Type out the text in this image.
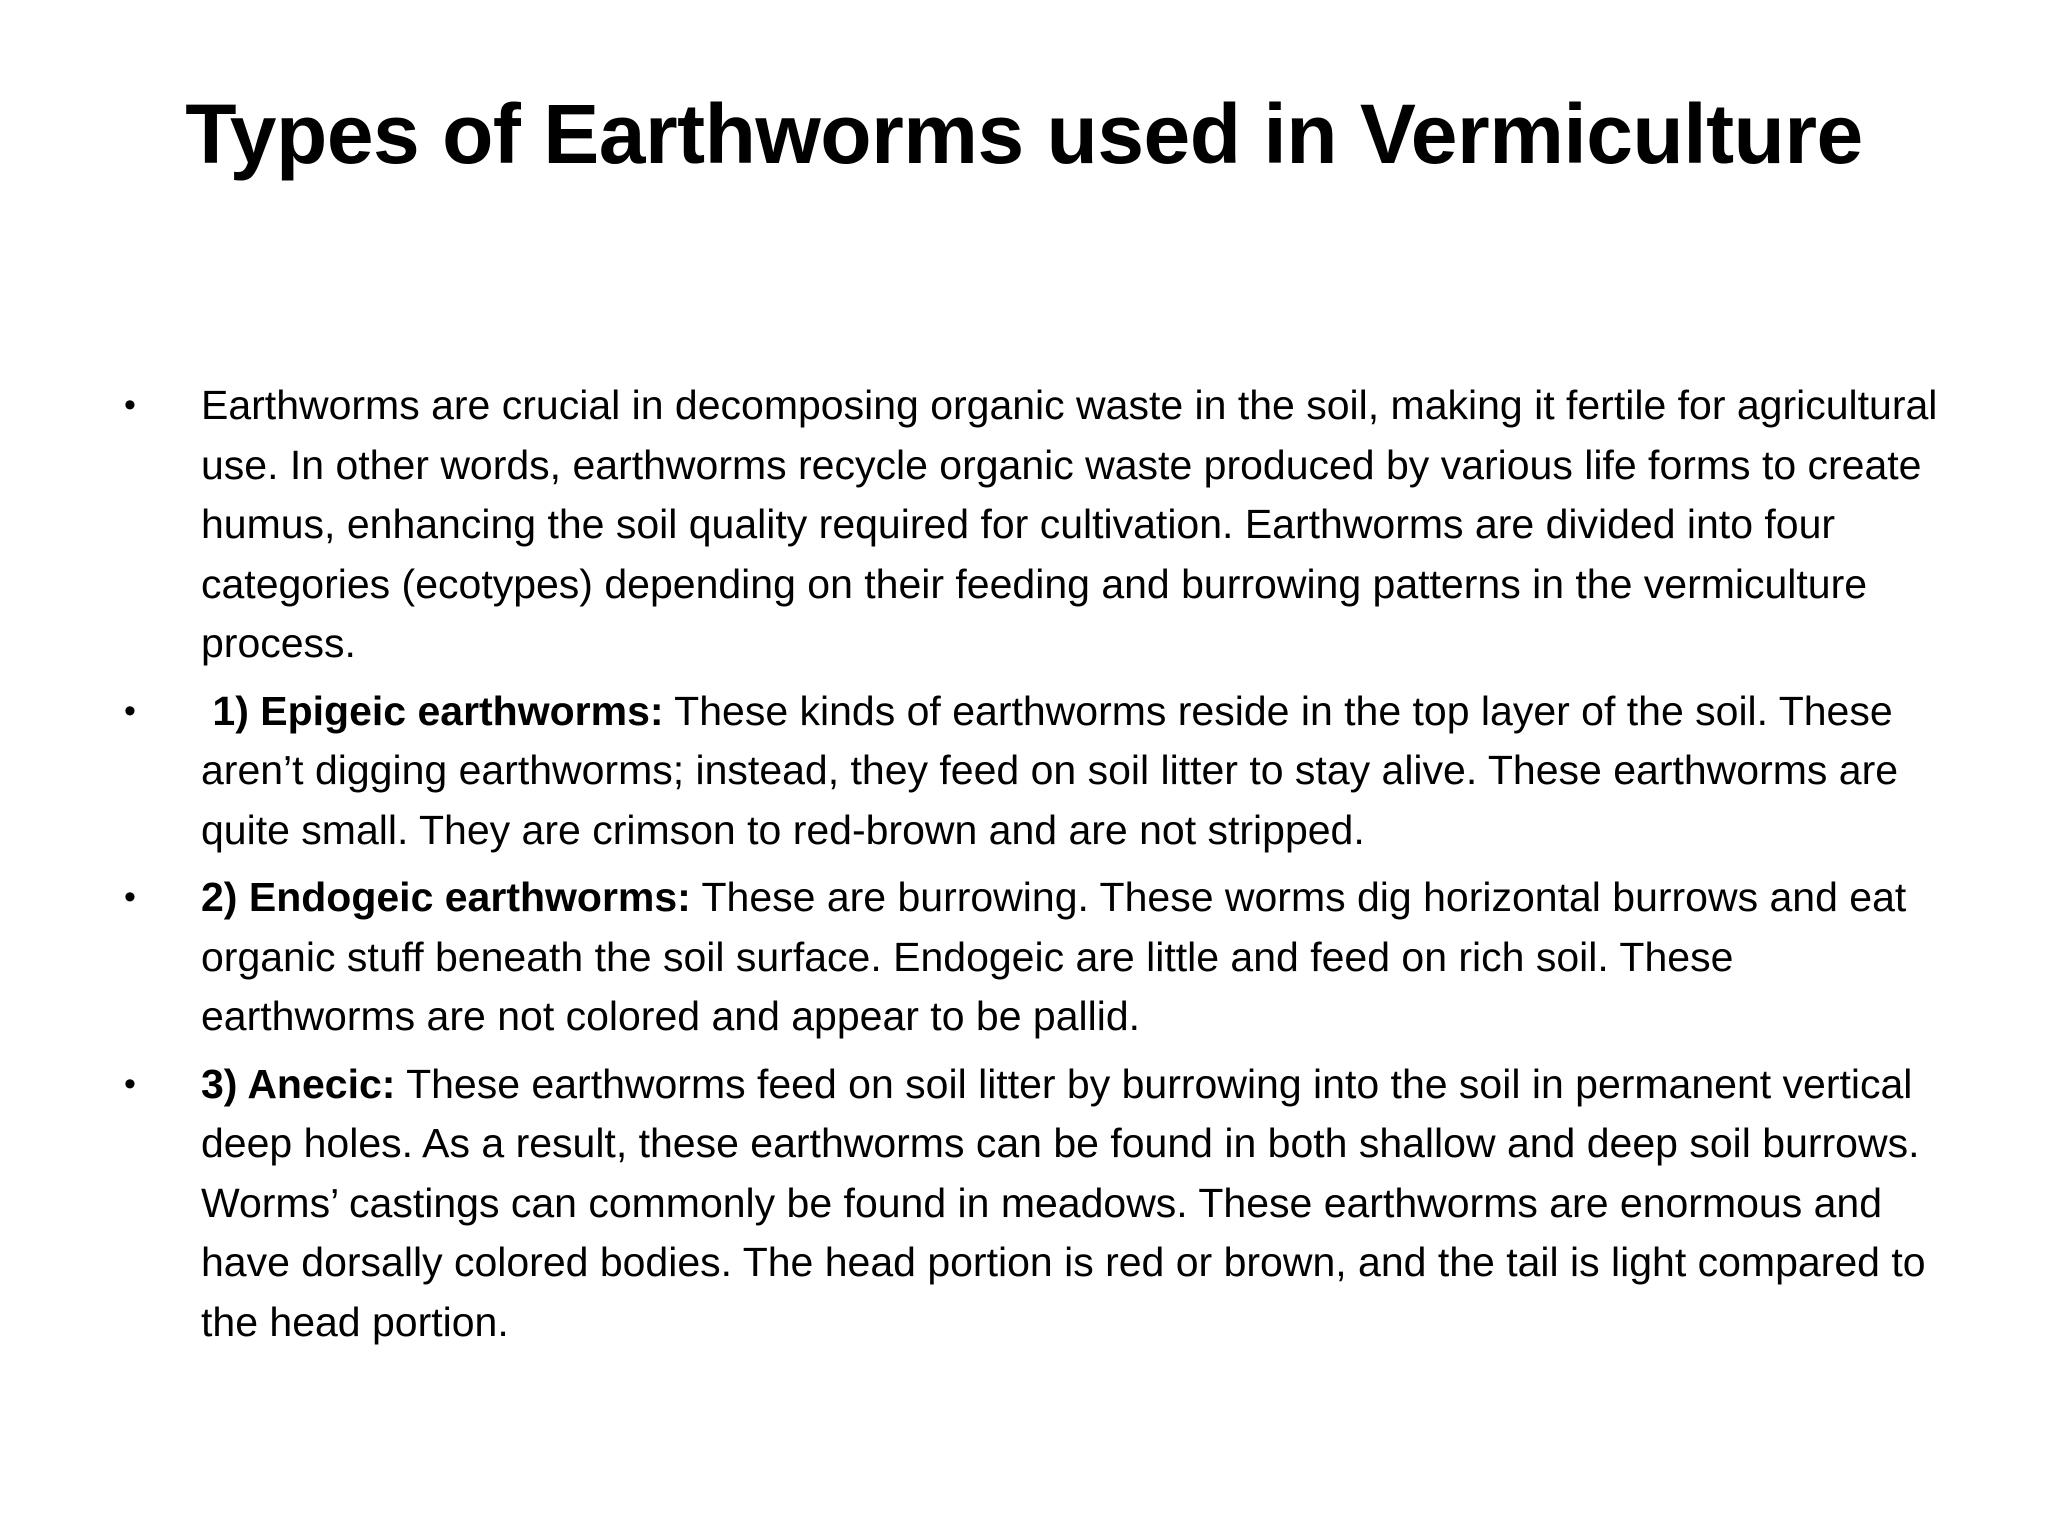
Types of Earthworms used in Vermiculture
• Earthworms are crucial in decomposing organic waste in the soil, making it fertile for agricultural use. In other words, earthworms recycle organic waste produced by various life forms to create humus, enhancing the soil quality required for cultivation. Earthworms are divided into four categories (ecotypes) depending on their feeding and burrowing patterns in the vermiculture process.
• 1) Epigeic earthworms: These kinds of earthworms reside in the top layer of the soil. These aren’t digging earthworms; instead, they feed on soil litter to stay alive. These earthworms are quite small. They are crimson to red-brown and are not stripped.
• 2) Endogeic earthworms: These are burrowing. These worms dig horizontal burrows and eat organic stuff beneath the soil surface. Endogeic are little and feed on rich soil. These earthworms are not colored and appear to be pallid.
• 3) Anecic: These earthworms feed on soil litter by burrowing into the soil in permanent vertical deep holes. As a result, these earthworms can be found in both shallow and deep soil burrows. Worms’ castings can commonly be found in meadows. These earthworms are enormous and have dorsally colored bodies. The head portion is red or brown, and the tail is light compared to the head portion.
